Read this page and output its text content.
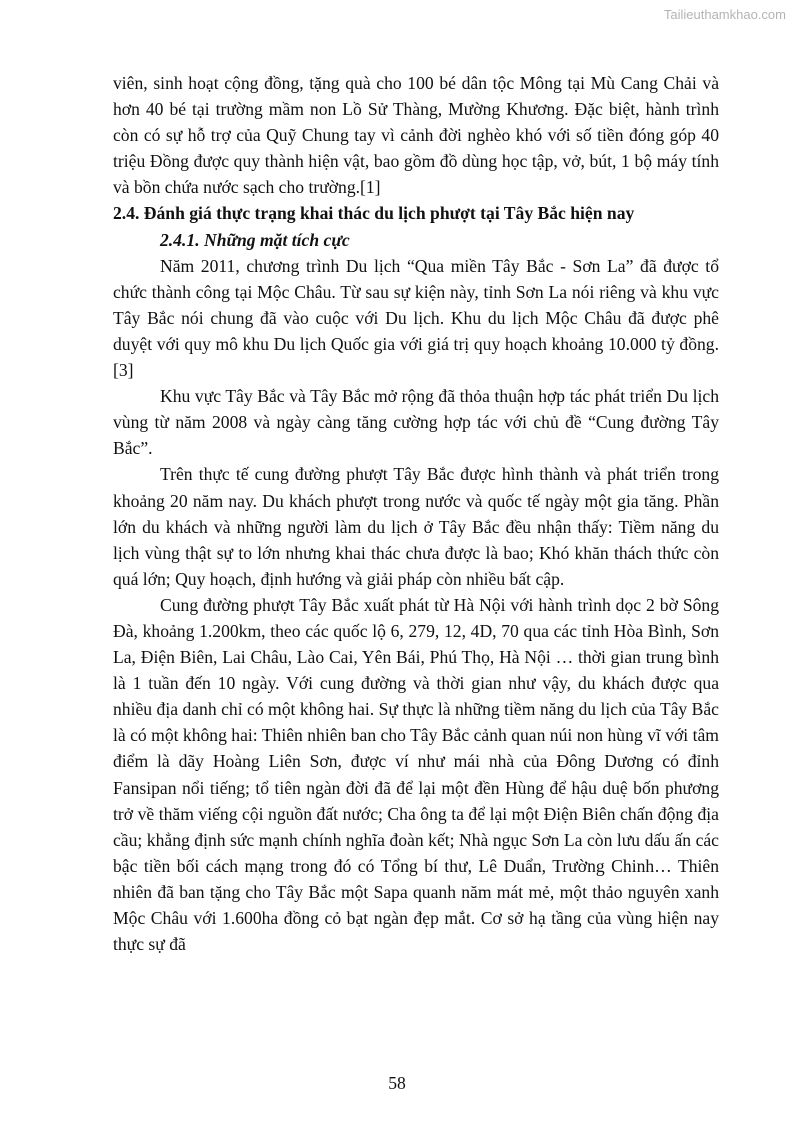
Tailieuthamkhao.com

viên, sinh hoạt cộng đồng, tặng quà cho 100 bé dân tộc Mông tại Mù Cang Chải và hơn 40 bé tại trường mầm non Lồ Sử Thàng, Mường Khương. Đặc biệt, hành trình còn có sự hỗ trợ của Quỹ Chung tay vì cảnh đời nghèo khó với số tiền đóng góp 40 triệu Đồng được quy thành hiện vật, bao gồm đồ dùng học tập, vở, bút, 1 bộ máy tính và bồn chứa nước sạch cho trường.[1]

2.4. Đánh giá thực trạng khai thác du lịch phượt tại Tây Bắc hiện nay

2.4.1. Những mặt tích cực

Năm 2011, chương trình Du lịch “Qua miền Tây Bắc - Sơn La” đã được tổ chức thành công tại Mộc Châu. Từ sau sự kiện này, tỉnh Sơn La nói riêng và khu vực Tây Bắc nói chung đã vào cuộc với Du lịch. Khu du lịch Mộc Châu đã được phê duyệt với quy mô khu Du lịch Quốc gia với giá trị quy hoạch khoảng 10.000 tỷ đồng.[3]

Khu vực Tây Bắc và Tây Bắc mở rộng đã thỏa thuận hợp tác phát triển Du lịch vùng từ năm 2008 và ngày càng tăng cường hợp tác với chủ đề “Cung đường Tây Bắc”.

Trên thực tế cung đường phượt Tây Bắc được hình thành và phát triển trong khoảng 20 năm nay. Du khách phượt trong nước và quốc tế ngày một gia tăng. Phần lớn du khách và những người làm du lịch ở Tây Bắc đều nhận thấy: Tiềm năng du lịch vùng thật sự to lớn nhưng khai thác chưa được là bao; Khó khăn thách thức còn quá lớn; Quy hoạch, định hướng và giải pháp còn nhiều bất cập.

Cung đường phượt Tây Bắc xuất phát từ Hà Nội với hành trình dọc 2 bờ Sông Đà, khoảng 1.200km, theo các quốc lộ 6, 279, 12, 4D, 70 qua các tỉnh Hòa Bình, Sơn La, Điện Biên, Lai Châu, Lào Cai, Yên Bái, Phú Thọ, Hà Nội … thời gian trung bình là 1 tuần đến 10 ngày. Với cung đường và thời gian như vậy, du khách được qua nhiều địa danh chỉ có một không hai. Sự thực là những tiềm năng du lịch của Tây Bắc là có một không hai: Thiên nhiên ban cho Tây Bắc cảnh quan núi non hùng vĩ với tâm điểm là dãy Hoàng Liên Sơn, được ví như mái nhà của Đông Dương có đỉnh Fansipan nổi tiếng; tổ tiên ngàn đời đã để lại một đền Hùng để hậu duệ bốn phương trở về thăm viếng cội nguồn đất nước; Cha ông ta để lại một Điện Biên chấn động địa cầu; khẳng định sức mạnh chính nghĩa đoàn kết; Nhà ngục Sơn La còn lưu dấu ấn các bậc tiền bối cách mạng trong đó có Tổng bí thư, Lê Duẩn, Trường Chinh… Thiên nhiên đã ban tặng cho Tây Bắc một Sapa quanh năm mát mẻ, một thảo nguyên xanh Mộc Châu với 1.600ha đồng cỏ bạt ngàn đẹp mắt. Cơ sở hạ tầng của vùng hiện nay thực sự đã

58
